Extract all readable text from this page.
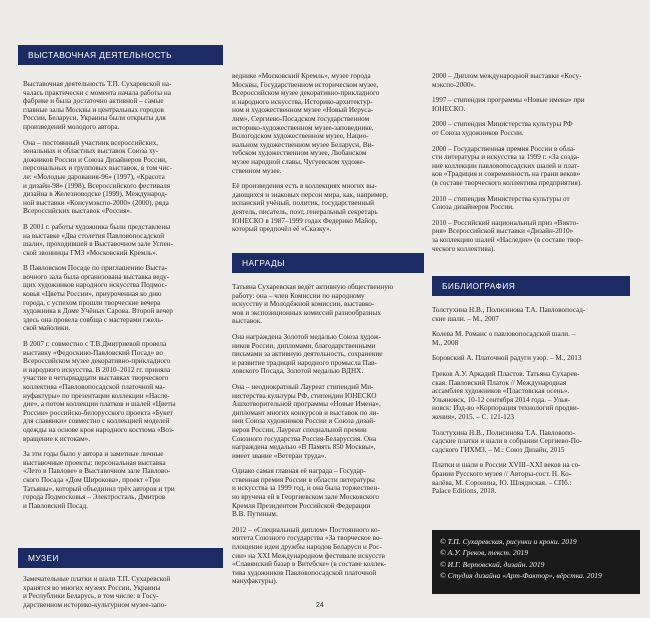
ВЫСТАВОЧНАЯ ДЕЯТЕЛЬНОСТЬ

Выставочная деятельность Т.П. Сухаревской на-
чалась практически с момента начала работы на
фабрике и была достаточно активной – самые
главные залы Москвы и центральных городов
России, Беларуси, Украины были открыты для
произведений молодого автора.

Она – постоянный участник всероссийских,
зональных и областных выставок Союза ху-
дожников России и Союза Дизайнеров России,
персональных и групповых выставок, в том чис-
ле: «Молодые дарования-96» (1997), «Красота
и дизайн-98» (1998), Всероссийского фестиваля
дизайна в Железноводске (1999), Международ-
ной выставки «Консумэкспо-2000» (2000), ряда
Всероссийских выставок «Россия».

В 2001 г. работы художника были представлены
на выставке «Два столетия Павловопосадской
шали», проходившей в Выставочном зале Успен-
ской звонницы ГМЗ «Московский Кремль».

В Павловском Посаде по приглашению Выста-
вочного зала была организована выставка веду-
щих художников народного искусства Подмос-
ковья «Цветы России», приуроченная ко дню
города, с успехом прошли творческие вечера
художника в Доме Учёных Сарова. Второй вечер
здесь она провела совбща с мастерами гжель-
ской майолики.

В 2007 г. совместно с Т.В.Дмитриевой провела
выставку «Федоскино-Павловский Посад» во
Всероссийском музее декоративно-прикладного
и народного искусства. В 2010–2012 гг. приняла
участие в четырнадцати выставках творческого
коллектива «Павловопосадской платочной ма-
нуфактуры» по презентации коллекции «Насле-
дие», а потом коллекции платков и шалей «Цветы
России» российско-белорусского проекта «Букет
для славянки» совместно с коллекцией моделей
одежды на основе кроя народного костюма «Воз-
вращение к истокам».

За эти годы было у автора и заметные личные
выставочные проекты: персональная выставка
«Лето в Павлове» в Выставочном зале Павлово-
ского Посада «Дом Широкова», проект «Три
Татьяны», который объединил трёх авторов и три
города Подмосковья – Электросталь, Дмитров
и Павловский Посад.

МУЗЕИ

Замечательные платки и шали Т.П. Сухаревской
хранятся во многих музеях России, Украины
и Республики Беларусь, в том числе: в Госу-
дарственном историко-культурном музее-запо-

веднике «Московский Кремль», музее города
Москвы, Государственном историческом музее,
Всероссийском музее декоративно-прикладного
и народного искусства, Историко-архитектур-
ном и художественном музее «Новый Иеруса-
лим», Сергиево-Посадском государственном
историко-художественном музее-заповеднике,
Вологодском художественном музее, Нацио-
нальном художественном музее Беларуси, Ви-
тебском художественном музее, Любанском
музее народной славы, Чугуевском художе-
ственном музее.

Её произведения есть в коллекциях многих вы-
дающихся и знаковых персон мира, как, например,
испанский учёный, политик, государственный
деятель, писатель, поэт, генеральный секретарь
ЮНЕСКО в 1987–1999 годах Федерико Майор,
который предпочёл её «Сказку».

НАГРАДЫ

Татьяна Сухаревская ведёт активную общественную
работу: она – член Комиссии по народному
искусству и Молодёжной комиссии, выставко-
мов и экспозиционных комиссий разнообразных
выставок.

Она награждена Золотой медалью Союза худож-
ников России, дипломами, благодарственными
письмами за активную деятельность, сохранение
и развитие традиций народного промысла Пав-
ловского Посада, Золотой медалью ВДНХ.

Она – неоднократный Лауреат стипендий Ми-
нистерства культуры РФ, стипендии ЮНЕСКО
Ашхотворительной программы «Новые Имена»,
дипломант многих конкурсов и выставок по ли-
нии Союза художников России и Союза дизай-
неров России, Лауреат специальной премии
Союзного государства Россия-Беларуссия. Она
награждена медалью «В Память 850 Москвы»,
имеет звание «Ветеран труда».

Однако самая главная её награда – Государ-
ственная премия России в области литературы
и искусства за 1999 год, и она была торжествен-
но вручена ей в Георгиевском зале Московского
Кремля Президентом Российской Федерации
В.В. Путиным.

2012 – «Специальный диплом» Постоянного ко-
митета Союзного государства «За творческое во-
площение идеи дружбы народов Беларуси и Рос-
сии» на XXI Международном фестивале искусств
«Славянский базар в Витебске» (в составе коллек-
тива художников Павловопосадской платочной
мануфактуры).

2000 – Диплом международной выставки «Косу-
мэкспо-2000».

1997 – стипендия программы «Новые имена» при
ЮНЕСКО.

2000 – стипендия Министерства культуры РФ
от Союза художников России.

2000 – Государственная премия России в обла-
сти литературы и искусства за 1999 г. «За созда-
ние коллекции павловопосадских шалей и плат-
ков «Традиция и современность на грани веков»
(в составе творческого коллектива предприятия).

2010 – стипендия Министерства культуры от
Союза дизайнеров России.

2010 – Российский национальный приз «Викто-
рия» Всероссийской выставки «Дизайн-2010»
за коллекцию шалей «Наследие» (в составе твор-
ческого коллектива).

БИБЛИОГРАФИЯ

Толстухина Н.В., Полисинова Т.А. Павловопосад-
ские шали. – М., 2007

Колева М. Романс о павловопосадской шали. –
М., 2008

Боровский А. Платочной радуги узор. – М., 2013

Греков А.У. Аркадий Пластов. Татьяна Сухарев-
ская. Павловский Платок // Международная
ассамблея художников «Пластовская осень».
Ульяновск, 10-12 сентября 2014 года. – Улья-
новск: Изд-во «Корпорация технологий продви-
жения», 2015. – С. 121-123

Толстухина Н.В., Полисинова Т.А. Павловопо-
садские платки и шали в собрании Сергиево-По-
садского ГИХМЗ. – М.: Союз Дизайн, 2015

Платки и шали в России XVIII–XXI веков на со-
брании Русского музея // Авторы-сост. Н. Ко-
валёва, М. Соронина, Ю. Шляднская. – СПб.:
Palace Editions, 2018.

© Т.П. Сухаревская, рисунки и кроки. 2019
© А.У. Греков, текст. 2019
© И.Г. Верповский, дизайн. 2019
© Студия дизайна «Арт-Фактор», вёрстка. 2019
24
